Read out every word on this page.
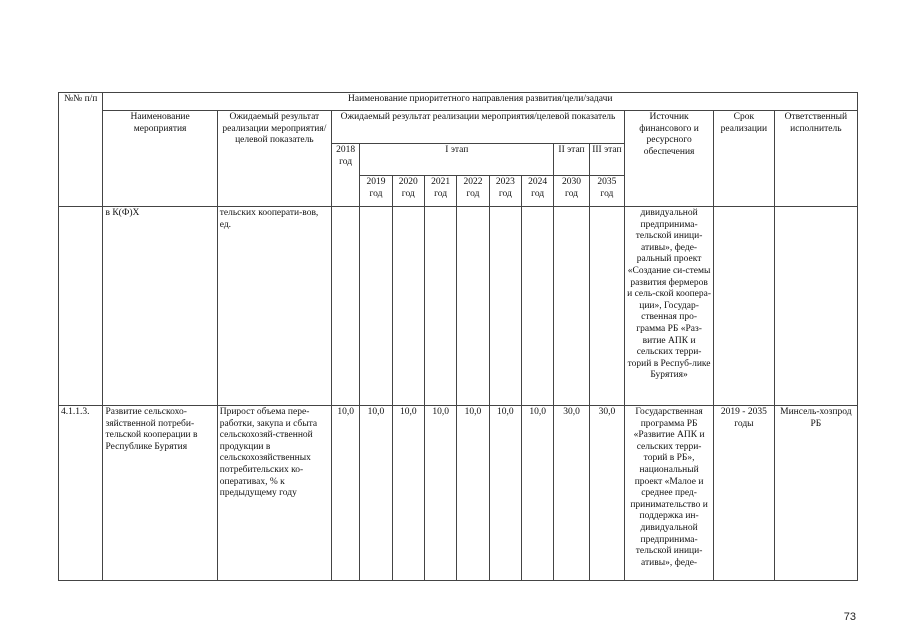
№№ п/п	Наименование приоритетного направления развития/цели/задачи													
	Наименование мероприятия	Ожидаемый результат реализации мероприятия/целевой показатель	Ожидаемый результат реализации мероприятия/целевой показатель									Источник финансового и ресурсного обеспечения	Срок реализации	Ответственный исполнитель
			2018 год	I этап						II этап	III этап			
				2019 год	2020 год	2021 год	2022 год	2023 год	2024 год	2030 год	2035 год			
	в К(Ф)Х	тельских кооперати-вов, ед.										дивидуальной предпринима-тельской иници-ативы», феде-ральный проект «Создание си-стемы развития фермеров и сель-ской коопера-ции», Государ-ственная про-грамма РБ «Раз-витие АПК и сельских терри-торий в Респуб-лике Бурятия»		
4.1.1.3.	Развитие сельскохо-зяйственной потреби-тельской кооперации в Республике Бурятия	Прирост объема пере-работки, закупа и сбыта сельскохозяй-ственной продукции в сельскохозяйственных потребительских ко-оперативах, % к предыдущему году	10,0	10,0	10,0	10,0	10,0	10,0	10,0	30,0	30,0	Государственная программа РБ «Развитие АПК и сельских терри-торий в РБ», национальный проект «Малое и среднее пред-принимательство и поддержка ин-дивидуальной предпринима-тельской иници-ативы», феде-	2019 - 2035 годы	Минсель-хозпрод РБ
73
